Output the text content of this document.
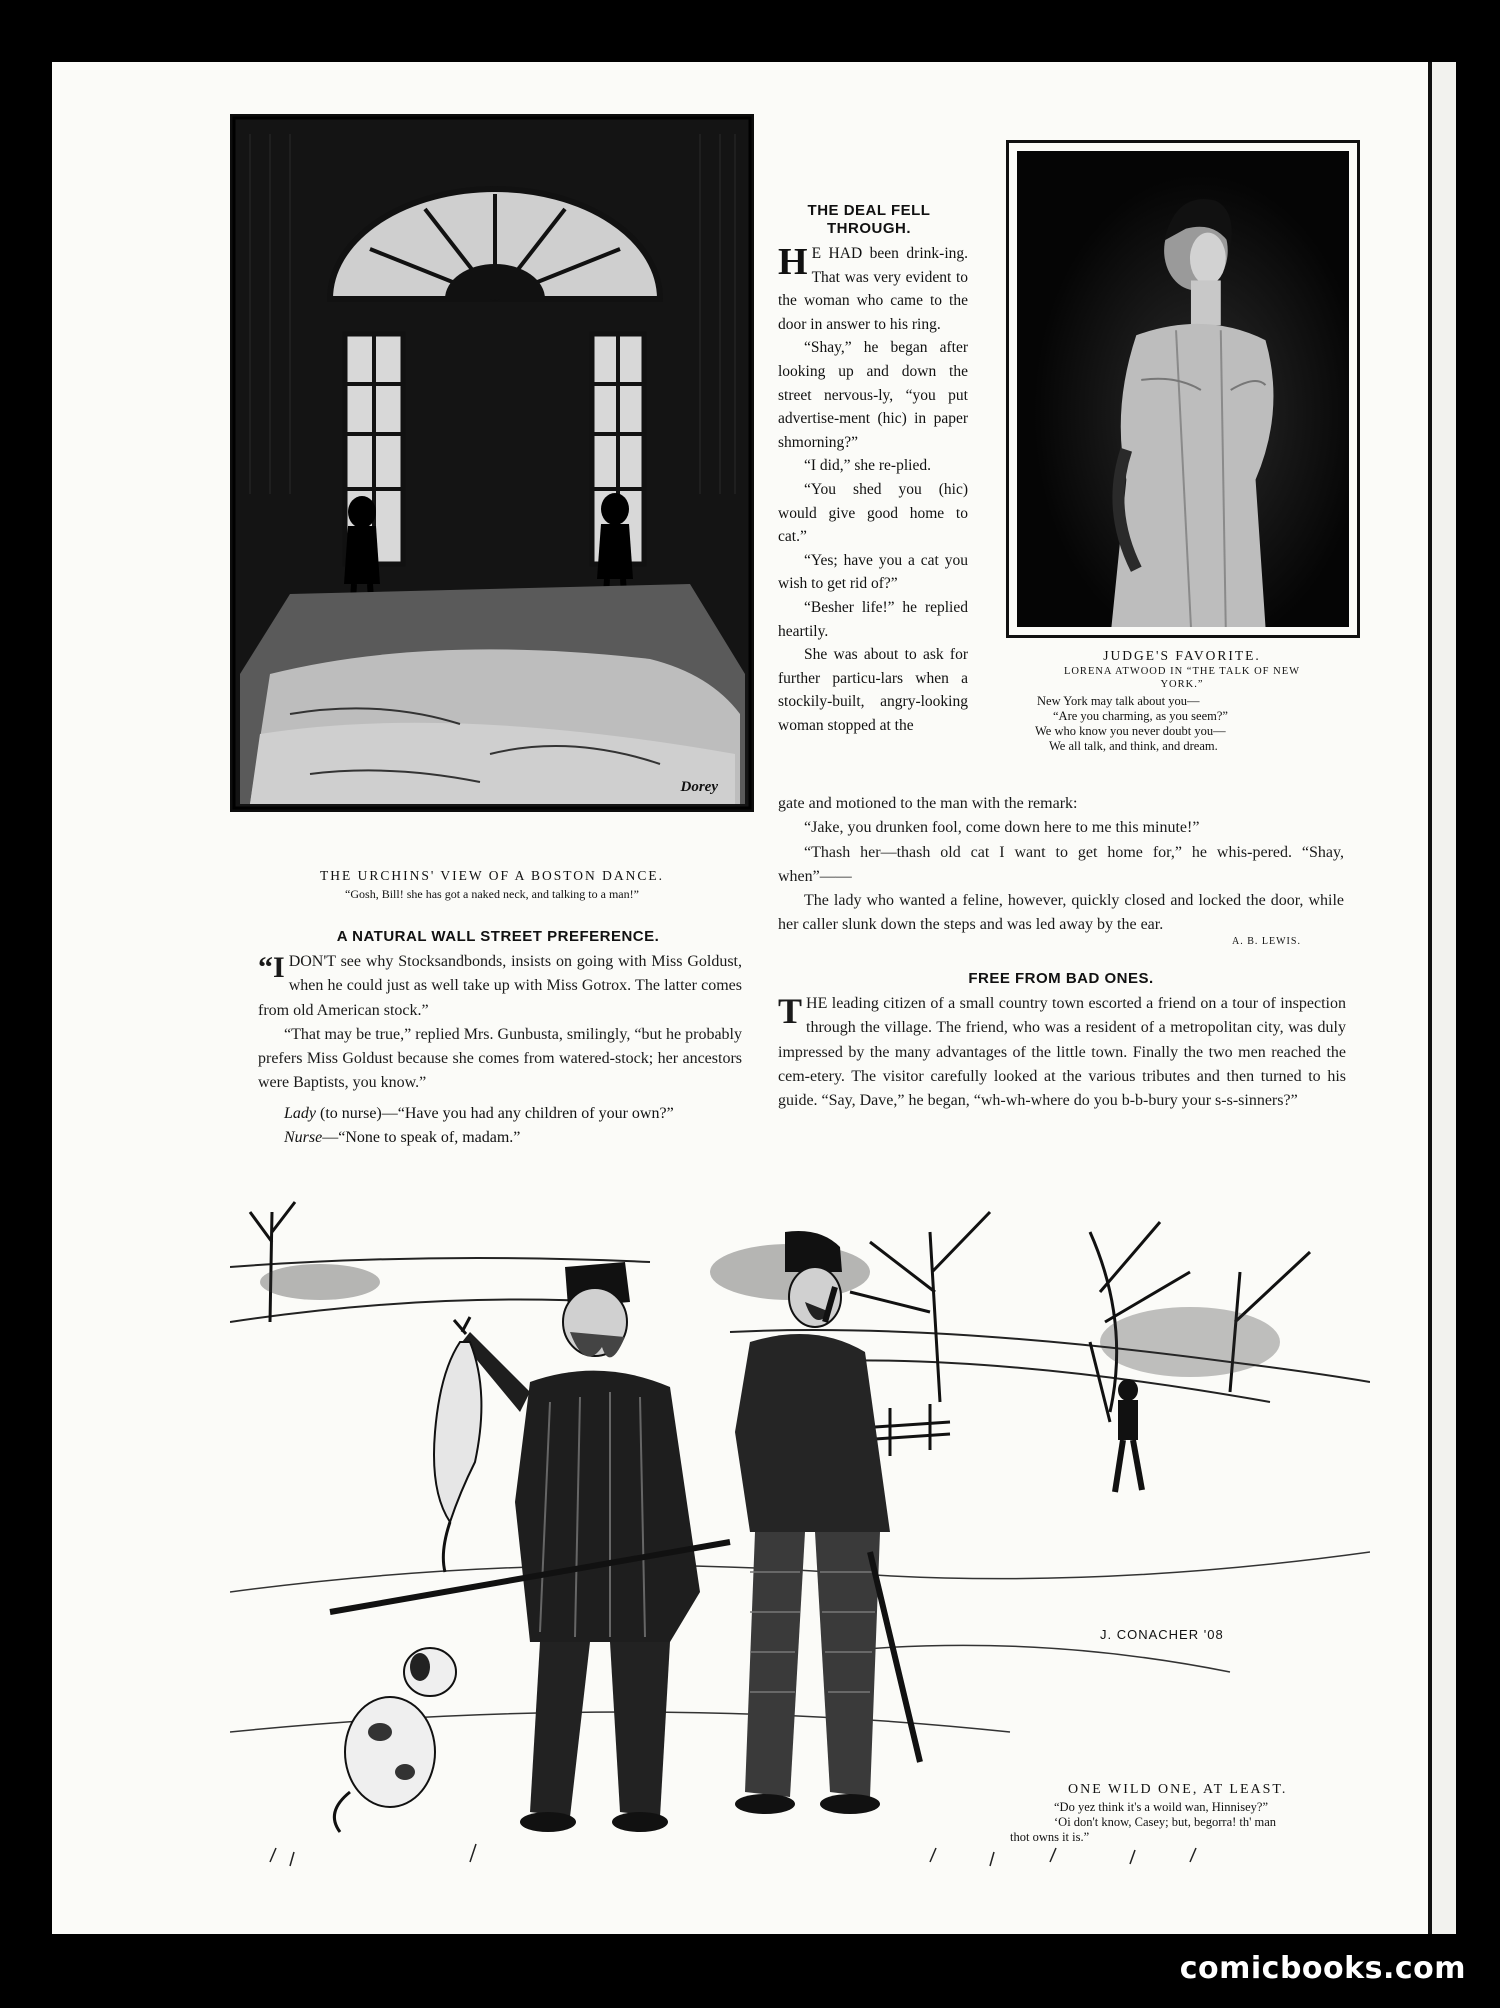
Dorey
THE URCHINS' VIEW OF A BOSTON DANCE.
“Gosh, Bill! she has got a naked neck, and talking to a man!”
THE DEAL FELL
THROUGH.
H E HAD been drink-ing. That was very evident to the woman who came to the door in answer to his ring.

“Shay,” he began after looking up and down the street nervous-ly, “you put advertise-ment (hic) in paper shmorning?”

“I did,” she re-plied.

“You shed you (hic) would give good home to cat.”

“Yes; have you a cat you wish to get rid of?”

“Besher life!” he replied heartily.

She was about to ask for further particu-lars when a stockily-built, angry-looking woman stopped at the

JUDGE'S FAVORITE.
LORENA ATWOOD IN “THE TALK OF NEW YORK.”
New York may talk about you—
“Are you charming, as you seem?”
We who know you never doubt you—
We all talk, and think, and dream.

gate and motioned to the man with the remark:

“Jake, you drunken fool, come down here to me this minute!”

“Thash her—thash old cat I want to get home for,” he whis-pered. “Shay, when”——

The lady who wanted a feline, however, quickly closed and locked the door, while her caller slunk down the steps and was led away by the ear.

A. B. LEWIS.
A NATURAL WALL STREET PREFERENCE.
“I DON'T see why Stocksandbonds, insists on going with Miss Goldust, when he could just as well take up with Miss Gotrox. The latter comes from old American stock.”

“That may be true,” replied Mrs. Gunbusta, smilingly, “but he probably prefers Miss Goldust because she comes from watered-stock; her ancestors were Baptists, you know.”

Lady (to nurse)—“Have you had any children of your own?”
Nurse—“None to speak of, madam.”
FREE FROM BAD ONES.
T HE leading citizen of a small country town escorted a friend on a tour of inspection through the village. The friend, who was a resident of a metropolitan city, was duly impressed by the many advantages of the little town. Finally the two men reached the cem-etery. The visitor carefully looked at the various tributes and then turned to his guide. “Say, Dave,” he began, “wh-wh-where do you b-b-bury your s-s-sinners?”

J. CONACHER '08
ONE WILD ONE, AT LEAST.
“Do yez think it's a woild wan, Hinnisey?”
‘Oi don't know, Casey; but, begorra! th' man
thot owns it is.”
comicbooks.com
